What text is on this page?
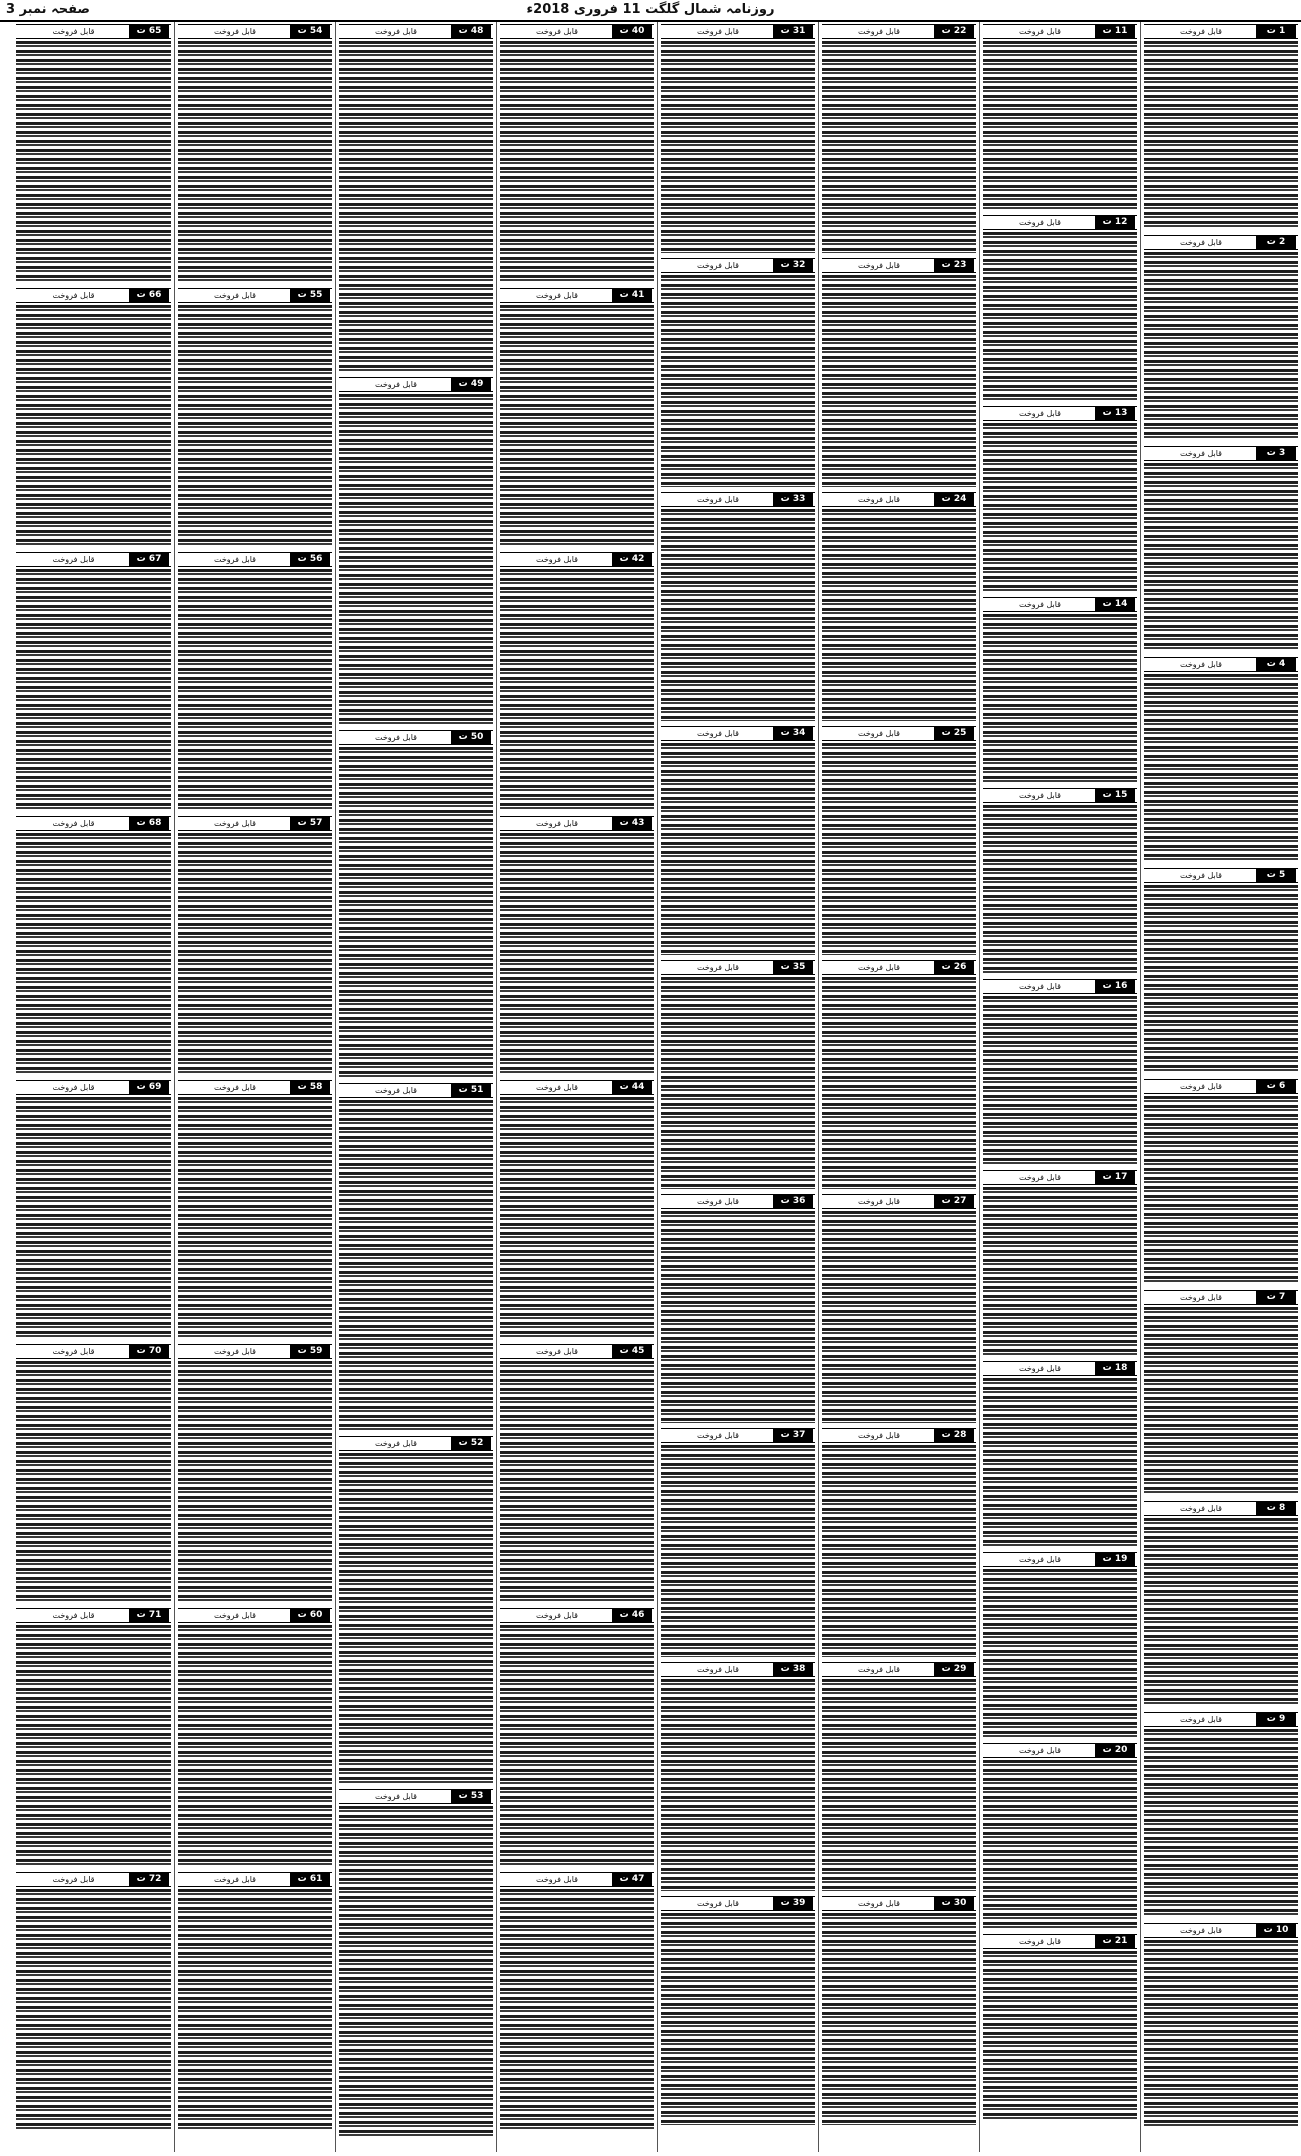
روزنامہ شمال گلگت 11 فروری 2018ء
صفحہ نمبر 3
قابل فروخت	1 ت
قابل فروخت	2 ت
قابل فروخت	3 ت
قابل فروخت	4 ت
قابل فروخت	5 ت
قابل فروخت	6 ت
قابل فروخت	7 ت
قابل فروخت	8 ت
قابل فروخت	9 ت
قابل فروخت	10 ت
قابل فروخت	11 ت
قابل فروخت	12 ت
قابل فروخت	13 ت
قابل فروخت	14 ت
قابل فروخت	15 ت
قابل فروخت	16 ت
قابل فروخت	17 ت
قابل فروخت	18 ت
قابل فروخت	19 ت
قابل فروخت	20 ت
قابل فروخت	21 ت
قابل فروخت	22 ت
قابل فروخت	23 ت
قابل فروخت	24 ت
قابل فروخت	25 ت
قابل فروخت	26 ت
قابل فروخت	27 ت
قابل فروخت	28 ت
قابل فروخت	29 ت
قابل فروخت	30 ت
قابل فروخت	31 ت
قابل فروخت	32 ت
قابل فروخت	33 ت
قابل فروخت	34 ت
قابل فروخت	35 ت
قابل فروخت	36 ت
قابل فروخت	37 ت
قابل فروخت	38 ت
قابل فروخت	39 ت
قابل فروخت	40 ت
قابل فروخت	41 ت
قابل فروخت	42 ت
قابل فروخت	43 ت
قابل فروخت	44 ت
قابل فروخت	45 ت
قابل فروخت	46 ت
قابل فروخت	47 ت
قابل فروخت	48 ت
قابل فروخت	49 ت
قابل فروخت	50 ت
قابل فروخت	51 ت
قابل فروخت	52 ت
قابل فروخت	53 ت
قابل فروخت	54 ت
قابل فروخت	55 ت
قابل فروخت	56 ت
قابل فروخت	57 ت
قابل فروخت	58 ت
قابل فروخت	59 ت
قابل فروخت	60 ت
قابل فروخت	61 ت
قابل فروخت	65 ت
قابل فروخت	66 ت
قابل فروخت	67 ت
قابل فروخت	68 ت
قابل فروخت	69 ت
قابل فروخت	70 ت
قابل فروخت	71 ت
قابل فروخت	72 ت
